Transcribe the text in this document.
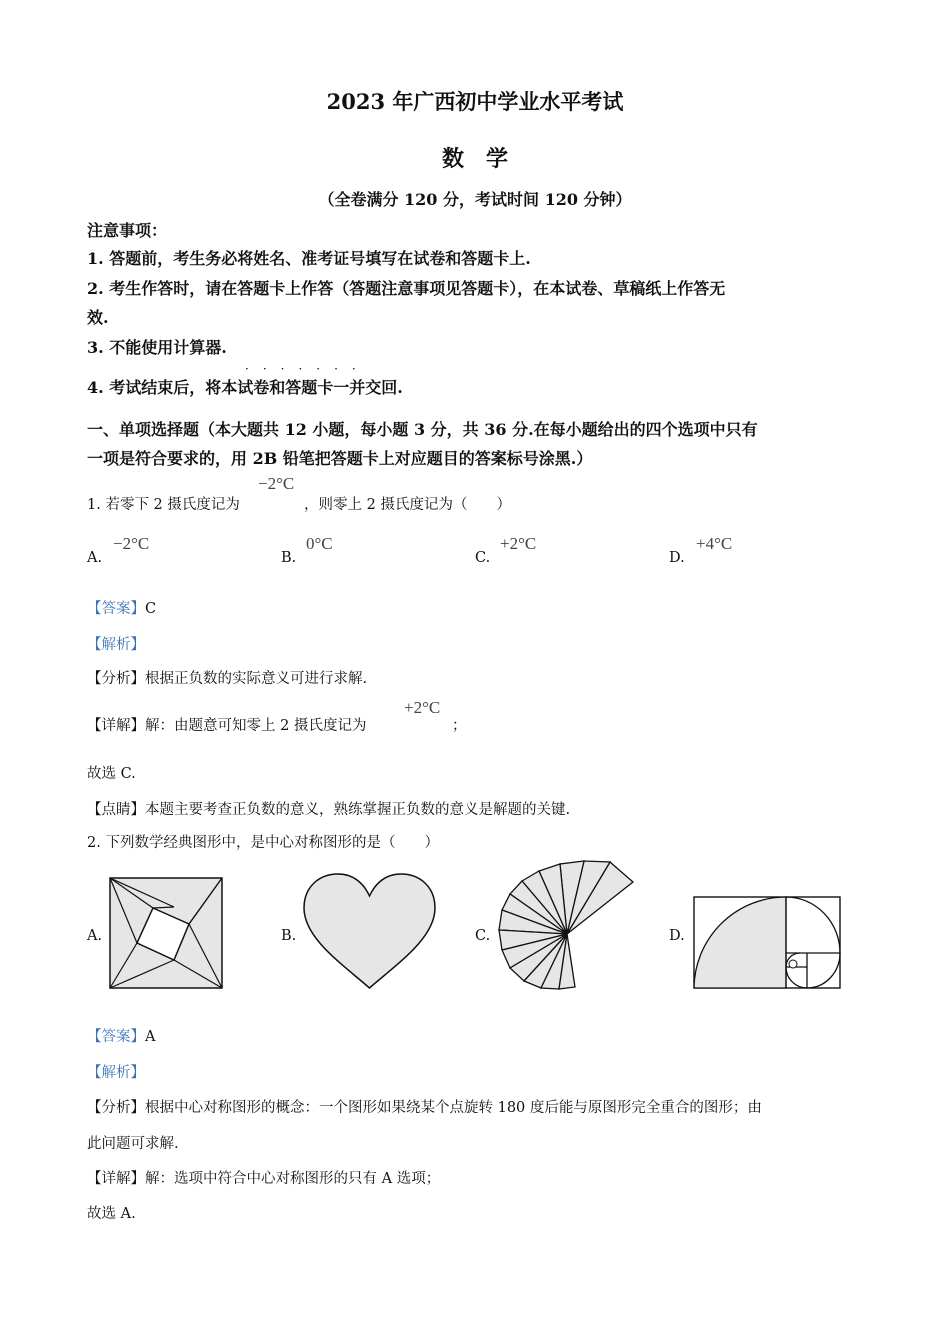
2023 年广西初中学业水平考试
数　学
（全卷满分 120 分，考试时间 120 分钟）
注意事项：
1. 答题前，考生务必将姓名、准考证号填写在试卷和答题卡上.
2. 考生作答时，请在答题卡上作答（答题注意事项见答题卡），在本试卷、草稿纸上作答无
效.
3. 不能使用计算器.
4. 考试结束后，将本试卷和答题卡一并交回.
·······
一、单项选择题（本大题共 12 小题，每小题 3 分，共 36 分.在每小题给出的四个选项中只有
一项是符合要求的，用 2B 铅笔把答题卡上对应题目的答案标号涂黑.）
1. 若零下 2 摄氏度记为
−2°C
，则零上 2 摄氏度记为（　　）
A.
−2°C
B.
0°C
C.
+2°C
D.
+4°C
【答案】C
【解析】
【分析】根据正负数的实际意义可进行求解.
【详解】解：由题意可知零上 2 摄氏度记为
+2°C
；
故选 C.
【点睛】本题主要考查正负数的意义，熟练掌握正负数的意义是解题的关键.
2. 下列数学经典图形中，是中心对称图形的是（　　）
A.	B.	C.	D.
【答案】A
【解析】
【分析】根据中心对称图形的概念：一个图形如果绕某个点旋转 180 度后能与原图形完全重合的图形；由
此问题可求解.
【详解】解：选项中符合中心对称图形的只有 A 选项；
故选 A.
